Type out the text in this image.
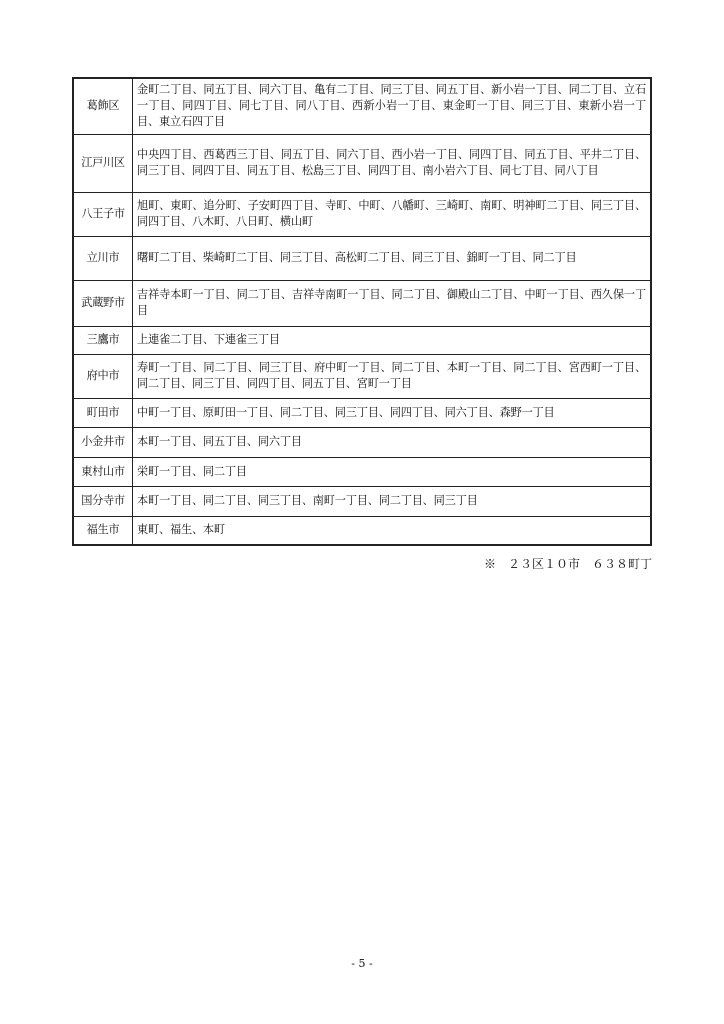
葛飾区	金町二丁目、同五丁目、同六丁目、亀有二丁目、同三丁目、同五丁目、新小岩一丁目、同二丁目、立石一丁目、同四丁目、同七丁目、同八丁目、西新小岩一丁目、東金町一丁目、同三丁目、東新小岩一丁目、東立石四丁目
江戸川区	中央四丁目、西葛西三丁目、同五丁目、同六丁目、西小岩一丁目、同四丁目、同五丁目、平井二丁目、同三丁目、同四丁目、同五丁目、松島三丁目、同四丁目、南小岩六丁目、同七丁目、同八丁目
八王子市	旭町、東町、追分町、子安町四丁目、寺町、中町、八幡町、三崎町、南町、明神町二丁目、同三丁目、同四丁目、八木町、八日町、横山町
立川市	曙町二丁目、柴崎町二丁目、同三丁目、高松町二丁目、同三丁目、錦町一丁目、同二丁目
武蔵野市	吉祥寺本町一丁目、同二丁目、吉祥寺南町一丁目、同二丁目、御殿山二丁目、中町一丁目、西久保一丁目
三鷹市	上連雀二丁目、下連雀三丁目
府中市	寿町一丁目、同二丁目、同三丁目、府中町一丁目、同二丁目、本町一丁目、同二丁目、宮西町一丁目、同二丁目、同三丁目、同四丁目、同五丁目、宮町一丁目
町田市	中町一丁目、原町田一丁目、同二丁目、同三丁目、同四丁目、同六丁目、森野一丁目
小金井市	本町一丁目、同五丁目、同六丁目
東村山市	栄町一丁目、同二丁目
国分寺市	本町一丁目、同二丁目、同三丁目、南町一丁目、同二丁目、同三丁目
福生市	東町、福生、本町
※　２３区１０市　６３８町丁
- 5 -
